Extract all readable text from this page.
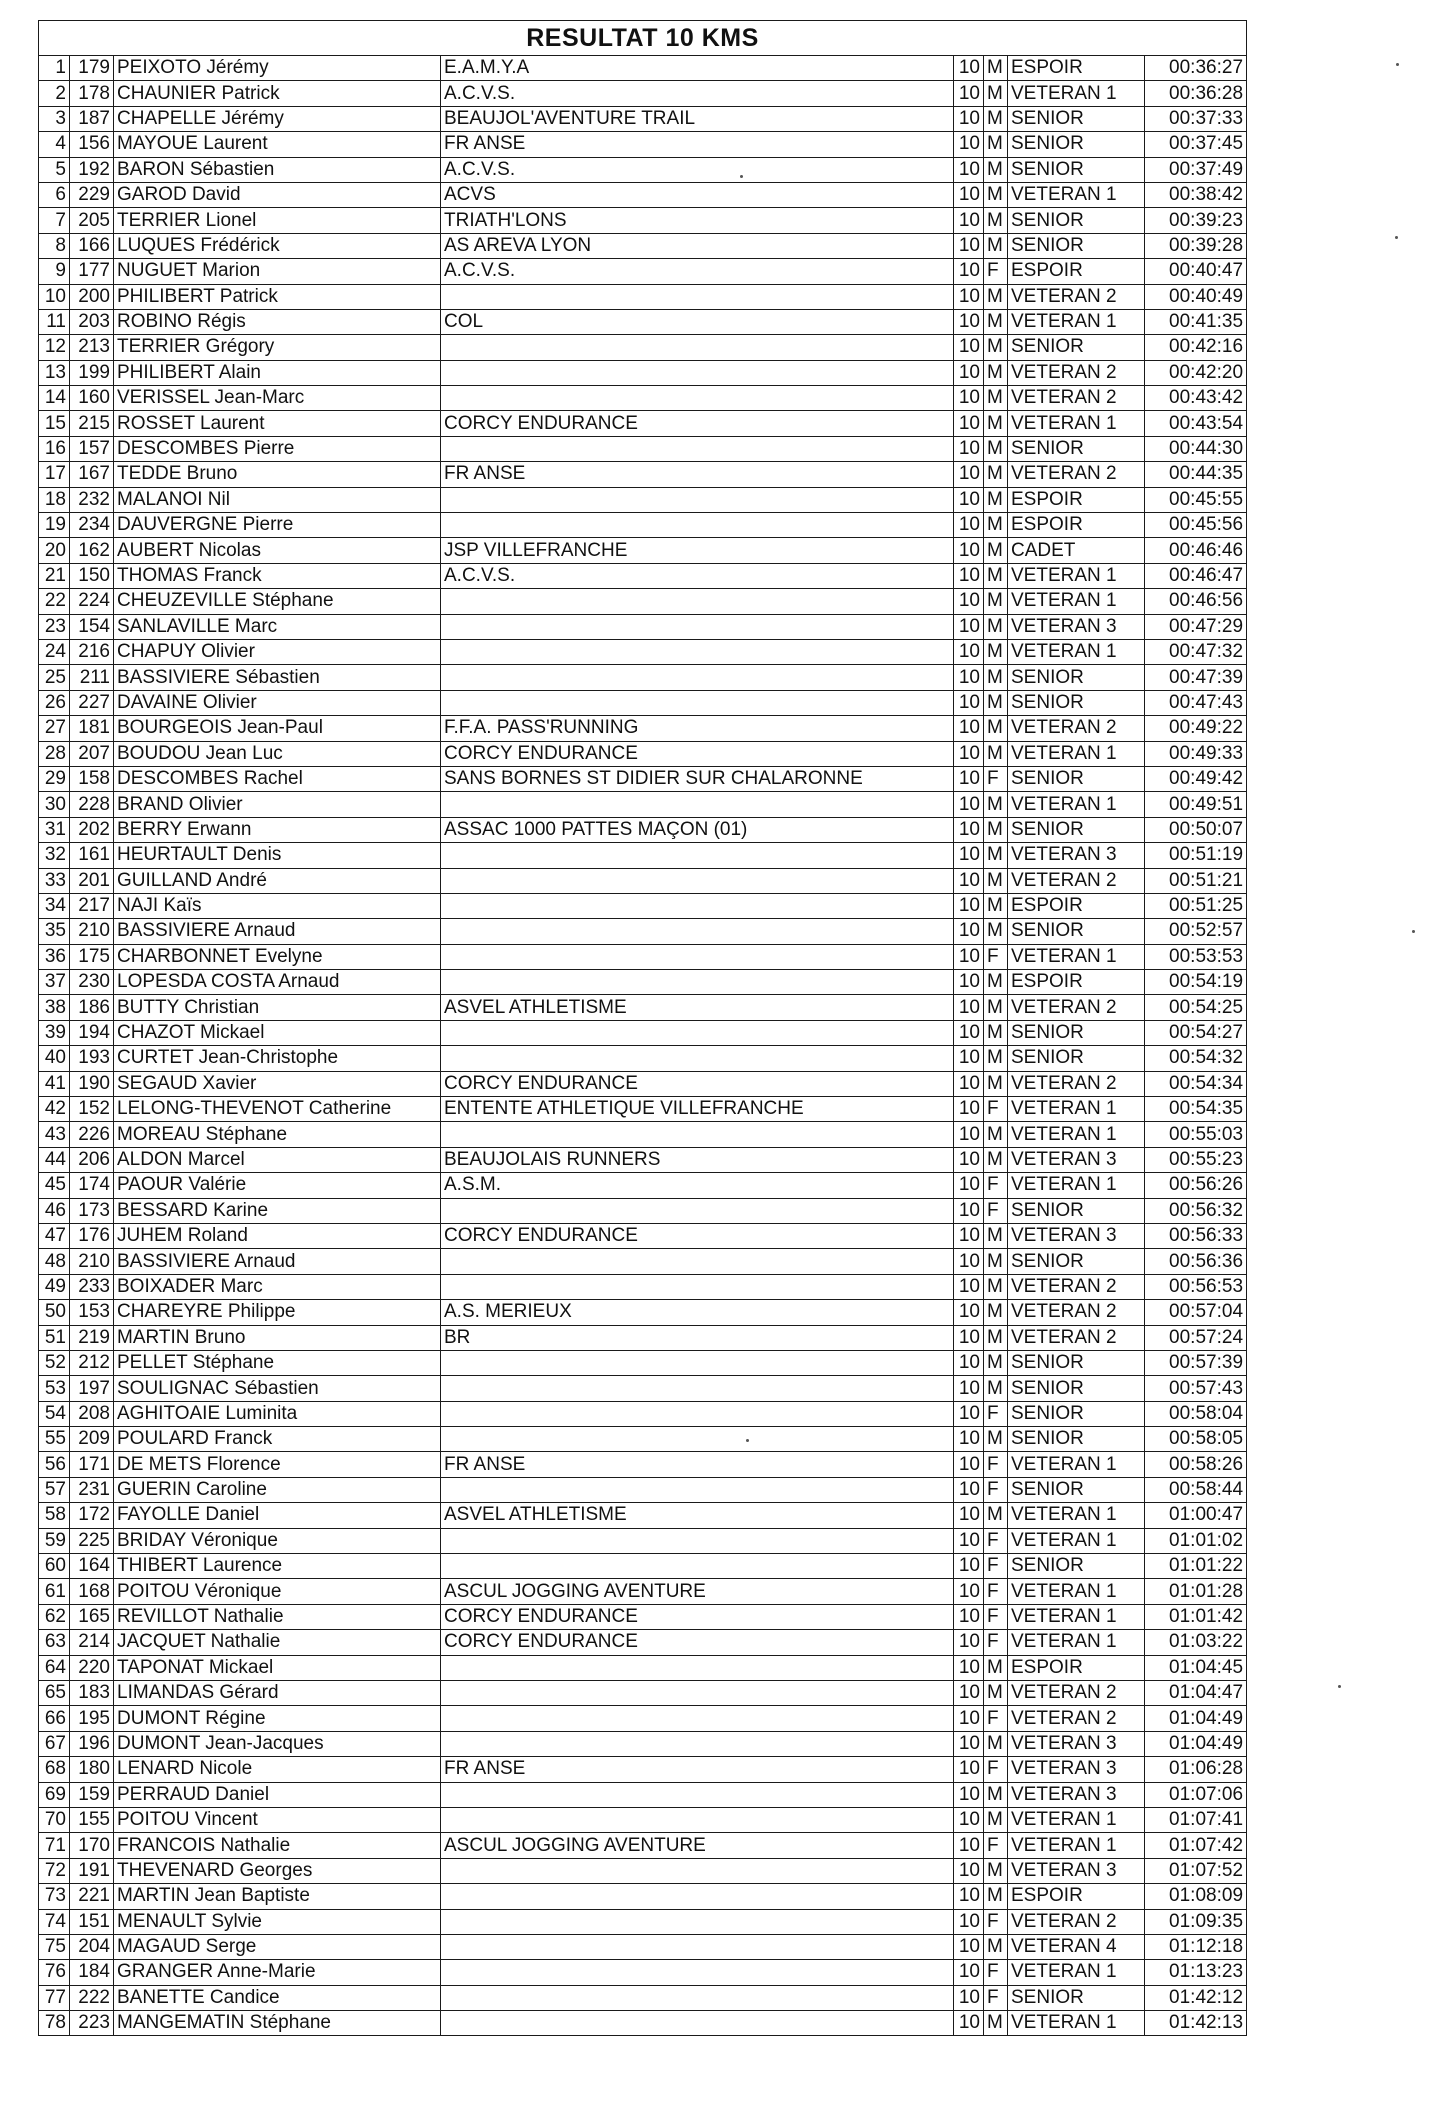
RESULTAT 10 KMS							
1	179	PEIXOTO Jérémy	E.A.M.Y.A	10	M	ESPOIR	00:36:27
2	178	CHAUNIER Patrick	A.C.V.S.	10	M	VETERAN 1	00:36:28
3	187	CHAPELLE Jérémy	BEAUJOL'AVENTURE TRAIL	10	M	SENIOR	00:37:33
4	156	MAYOUE Laurent	FR ANSE	10	M	SENIOR	00:37:45
5	192	BARON Sébastien	A.C.V.S.	10	M	SENIOR	00:37:49
6	229	GAROD David	ACVS	10	M	VETERAN 1	00:38:42
7	205	TERRIER Lionel	TRIATH'LONS	10	M	SENIOR	00:39:23
8	166	LUQUES Frédérick	AS AREVA LYON	10	M	SENIOR	00:39:28
9	177	NUGUET Marion	A.C.V.S.	10	F	ESPOIR	00:40:47
10	200	PHILIBERT Patrick		10	M	VETERAN 2	00:40:49
11	203	ROBINO Régis	COL	10	M	VETERAN 1	00:41:35
12	213	TERRIER Grégory		10	M	SENIOR	00:42:16
13	199	PHILIBERT Alain		10	M	VETERAN 2	00:42:20
14	160	VERISSEL Jean-Marc		10	M	VETERAN 2	00:43:42
15	215	ROSSET Laurent	CORCY ENDURANCE	10	M	VETERAN 1	00:43:54
16	157	DESCOMBES Pierre		10	M	SENIOR	00:44:30
17	167	TEDDE Bruno	FR ANSE	10	M	VETERAN 2	00:44:35
18	232	MALANOI Nil		10	M	ESPOIR	00:45:55
19	234	DAUVERGNE Pierre		10	M	ESPOIR	00:45:56
20	162	AUBERT Nicolas	JSP VILLEFRANCHE	10	M	CADET	00:46:46
21	150	THOMAS Franck	A.C.V.S.	10	M	VETERAN 1	00:46:47
22	224	CHEUZEVILLE Stéphane		10	M	VETERAN 1	00:46:56
23	154	SANLAVILLE Marc		10	M	VETERAN 3	00:47:29
24	216	CHAPUY Olivier		10	M	VETERAN 1	00:47:32
25	211	BASSIVIERE Sébastien		10	M	SENIOR	00:47:39
26	227	DAVAINE Olivier		10	M	SENIOR	00:47:43
27	181	BOURGEOIS Jean-Paul	F.F.A. PASS'RUNNING	10	M	VETERAN 2	00:49:22
28	207	BOUDOU Jean Luc	CORCY ENDURANCE	10	M	VETERAN 1	00:49:33
29	158	DESCOMBES Rachel	SANS BORNES ST DIDIER SUR CHALARONNE	10	F	SENIOR	00:49:42
30	228	BRAND Olivier		10	M	VETERAN 1	00:49:51
31	202	BERRY Erwann	ASSAC 1000 PATTES MAÇON (01)	10	M	SENIOR	00:50:07
32	161	HEURTAULT Denis		10	M	VETERAN 3	00:51:19
33	201	GUILLAND André		10	M	VETERAN 2	00:51:21
34	217	NAJI Kaïs		10	M	ESPOIR	00:51:25
35	210	BASSIVIERE Arnaud		10	M	SENIOR	00:52:57
36	175	CHARBONNET Evelyne		10	F	VETERAN 1	00:53:53
37	230	LOPESDA COSTA Arnaud		10	M	ESPOIR	00:54:19
38	186	BUTTY Christian	ASVEL ATHLETISME	10	M	VETERAN 2	00:54:25
39	194	CHAZOT Mickael		10	M	SENIOR	00:54:27
40	193	CURTET Jean-Christophe		10	M	SENIOR	00:54:32
41	190	SEGAUD Xavier	CORCY ENDURANCE	10	M	VETERAN 2	00:54:34
42	152	LELONG-THEVENOT Catherine	ENTENTE ATHLETIQUE VILLEFRANCHE	10	F	VETERAN 1	00:54:35
43	226	MOREAU Stéphane		10	M	VETERAN 1	00:55:03
44	206	ALDON Marcel	BEAUJOLAIS RUNNERS	10	M	VETERAN 3	00:55:23
45	174	PAOUR Valérie	A.S.M.	10	F	VETERAN 1	00:56:26
46	173	BESSARD Karine		10	F	SENIOR	00:56:32
47	176	JUHEM Roland	CORCY ENDURANCE	10	M	VETERAN 3	00:56:33
48	210	BASSIVIERE Arnaud		10	M	SENIOR	00:56:36
49	233	BOIXADER Marc		10	M	VETERAN 2	00:56:53
50	153	CHAREYRE Philippe	A.S. MERIEUX	10	M	VETERAN 2	00:57:04
51	219	MARTIN Bruno	BR	10	M	VETERAN 2	00:57:24
52	212	PELLET Stéphane		10	M	SENIOR	00:57:39
53	197	SOULIGNAC Sébastien		10	M	SENIOR	00:57:43
54	208	AGHITOAIE Luminita		10	F	SENIOR	00:58:04
55	209	POULARD Franck		10	M	SENIOR	00:58:05
56	171	DE METS Florence	FR ANSE	10	F	VETERAN 1	00:58:26
57	231	GUERIN Caroline		10	F	SENIOR	00:58:44
58	172	FAYOLLE Daniel	ASVEL ATHLETISME	10	M	VETERAN 1	01:00:47
59	225	BRIDAY Véronique		10	F	VETERAN 1	01:01:02
60	164	THIBERT Laurence		10	F	SENIOR	01:01:22
61	168	POITOU Véronique	ASCUL JOGGING AVENTURE	10	F	VETERAN 1	01:01:28
62	165	REVILLOT Nathalie	CORCY ENDURANCE	10	F	VETERAN 1	01:01:42
63	214	JACQUET Nathalie	CORCY ENDURANCE	10	F	VETERAN 1	01:03:22
64	220	TAPONAT Mickael		10	M	ESPOIR	01:04:45
65	183	LIMANDAS Gérard		10	M	VETERAN 2	01:04:47
66	195	DUMONT Régine		10	F	VETERAN 2	01:04:49
67	196	DUMONT Jean-Jacques		10	M	VETERAN 3	01:04:49
68	180	LENARD Nicole	FR ANSE	10	F	VETERAN 3	01:06:28
69	159	PERRAUD Daniel		10	M	VETERAN 3	01:07:06
70	155	POITOU Vincent		10	M	VETERAN 1	01:07:41
71	170	FRANCOIS Nathalie	ASCUL JOGGING AVENTURE	10	F	VETERAN 1	01:07:42
72	191	THEVENARD Georges		10	M	VETERAN 3	01:07:52
73	221	MARTIN Jean Baptiste		10	M	ESPOIR	01:08:09
74	151	MENAULT Sylvie		10	F	VETERAN 2	01:09:35
75	204	MAGAUD Serge		10	M	VETERAN 4	01:12:18
76	184	GRANGER Anne-Marie		10	F	VETERAN 1	01:13:23
77	222	BANETTE Candice		10	F	SENIOR	01:42:12
78	223	MANGEMATIN Stéphane		10	M	VETERAN 1	01:42:13
